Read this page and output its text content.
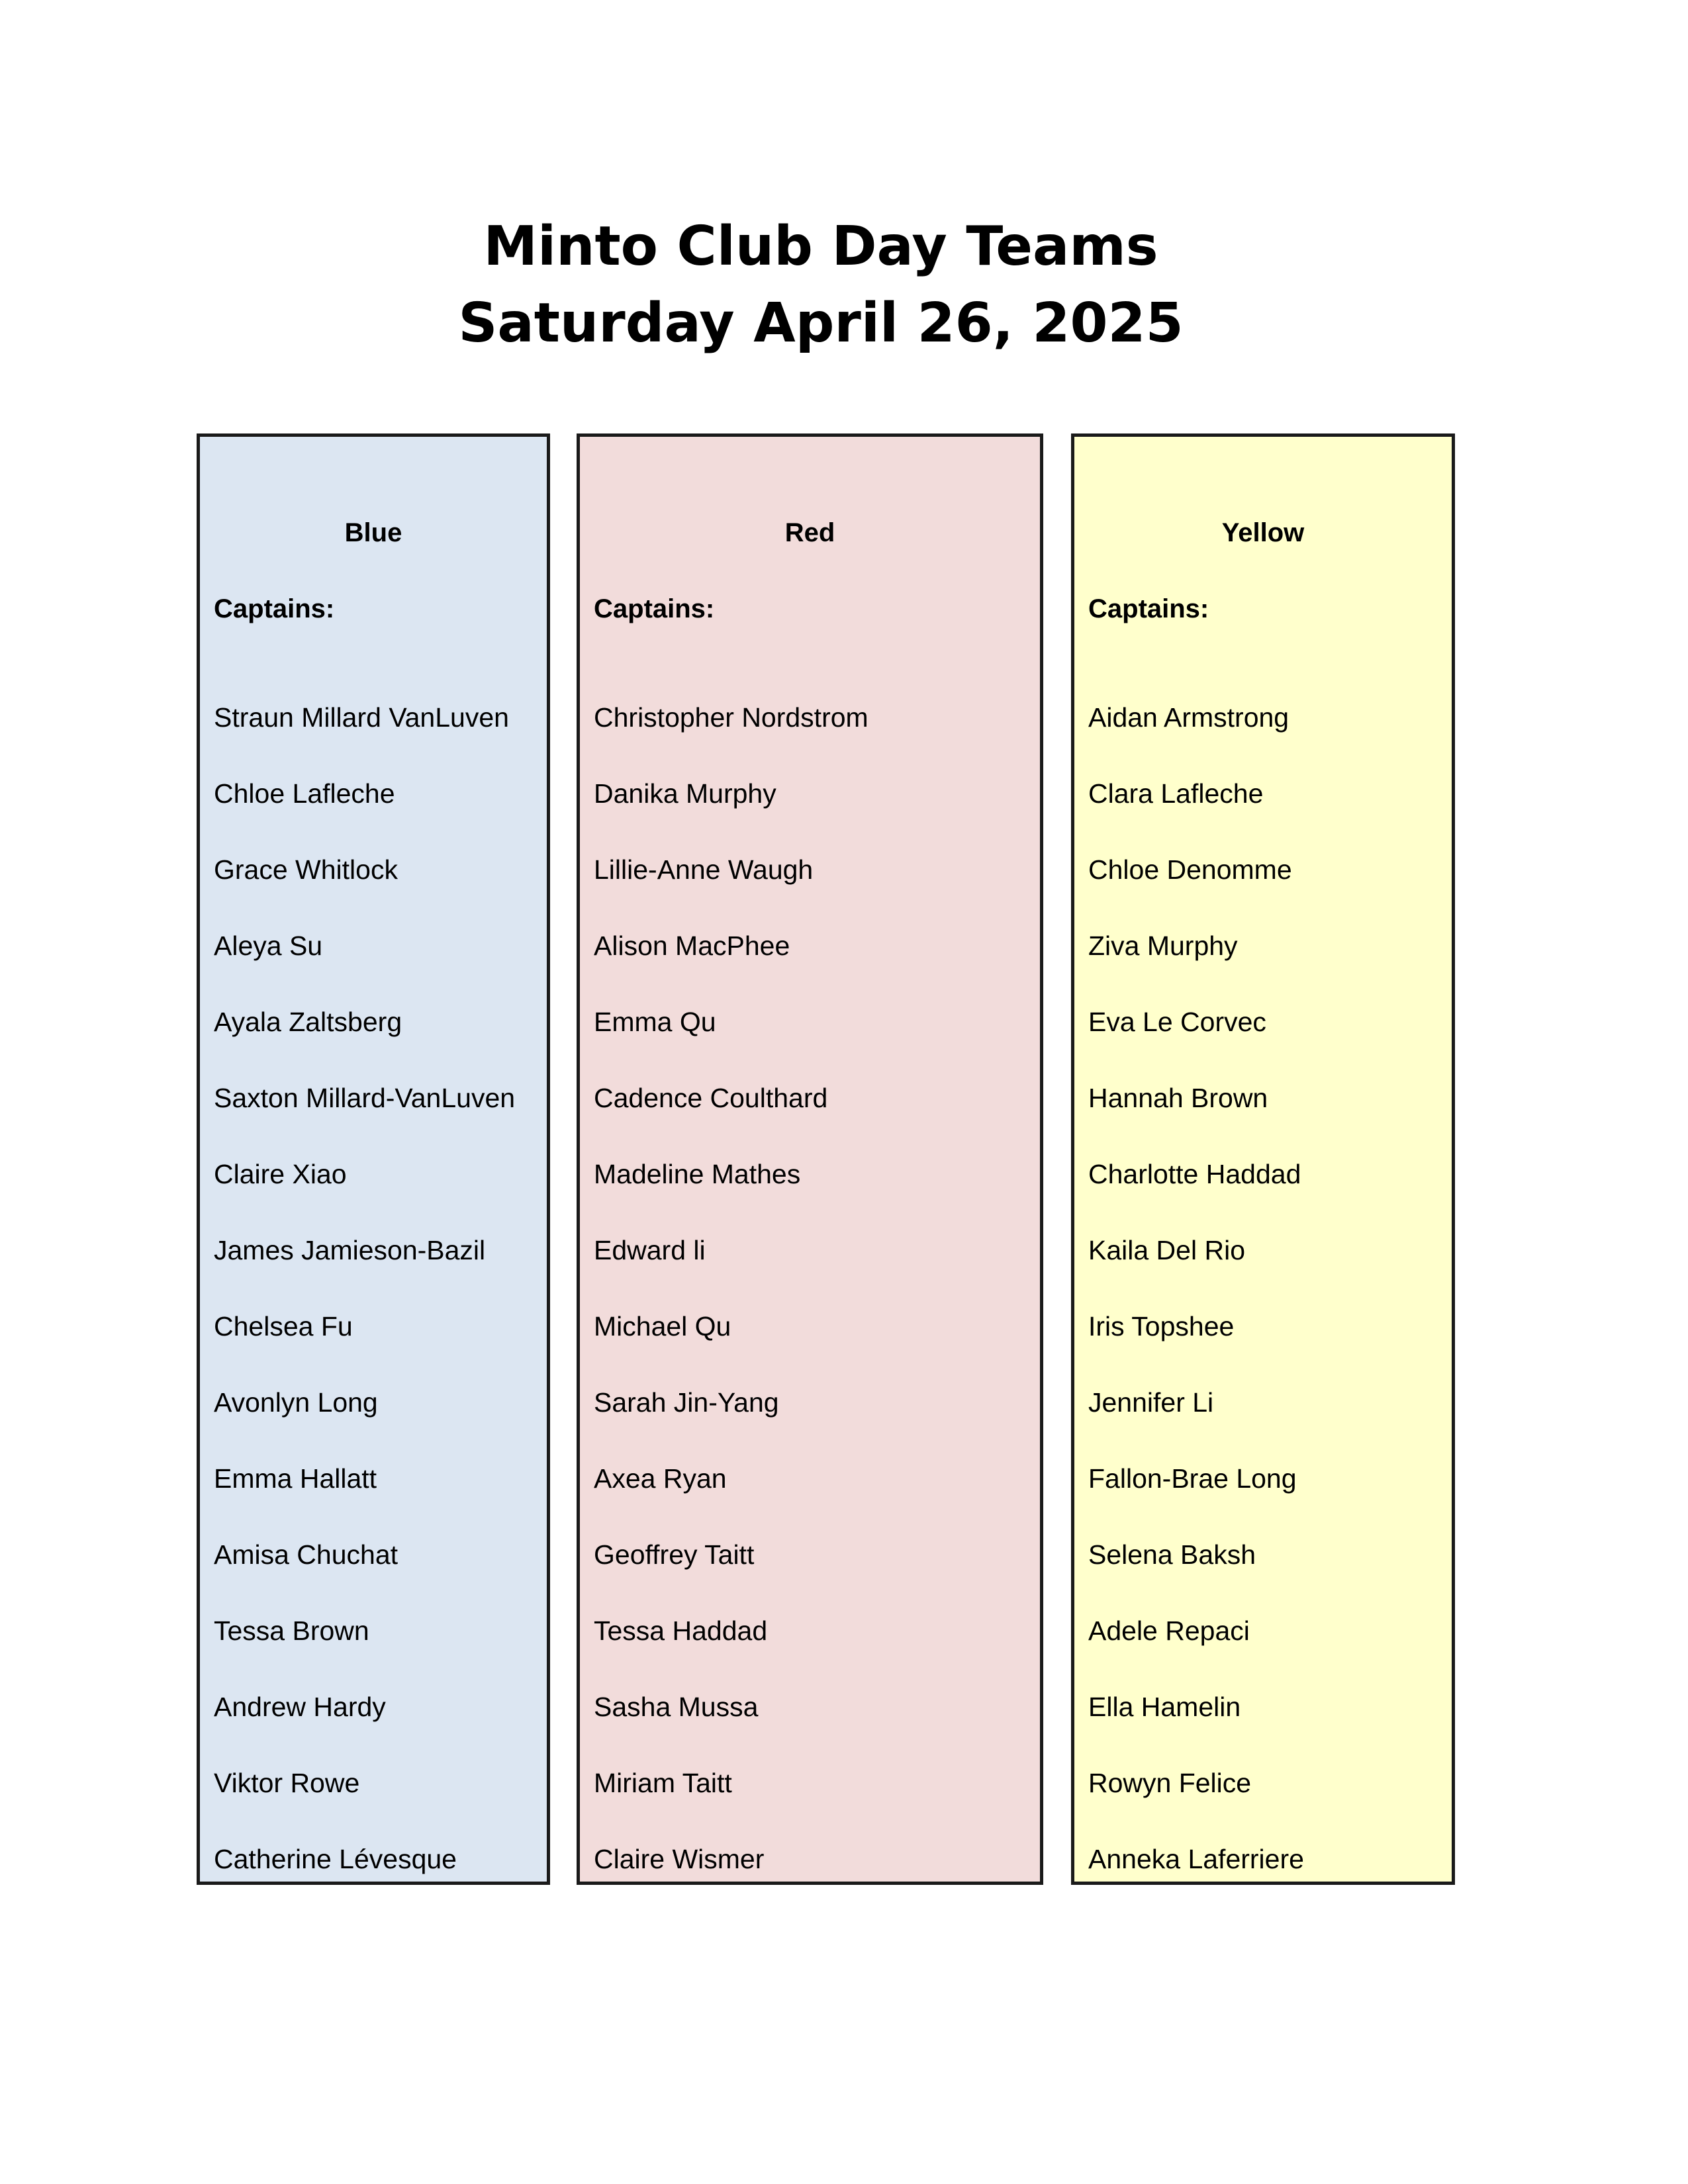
Minto Club Day Teams
Saturday April 26, 2025
Blue
Captains:
Straun Millard VanLuven
Chloe Lafleche
Grace Whitlock
Aleya Su
Ayala Zaltsberg
Saxton Millard-VanLuven
Claire Xiao
James Jamieson-Bazil
Chelsea Fu
Avonlyn Long
Emma Hallatt
Amisa Chuchat
Tessa Brown
Andrew Hardy
Viktor Rowe
Catherine Lévesque
Red
Captains:
Christopher Nordstrom
Danika Murphy
Lillie-Anne Waugh
Alison MacPhee
Emma Qu
Cadence Coulthard
Madeline Mathes
Edward li
Michael Qu
Sarah Jin-Yang
Axea Ryan
Geoffrey Taitt
Tessa Haddad
Sasha Mussa
Miriam Taitt
Claire Wismer
Yellow
Captains:
Aidan Armstrong
Clara Lafleche
Chloe Denomme
Ziva Murphy
Eva Le Corvec
Hannah Brown
Charlotte Haddad
Kaila Del Rio
Iris Topshee
Jennifer Li
Fallon-Brae Long
Selena Baksh
Adele Repaci
Ella Hamelin
Rowyn Felice
Anneka Laferriere
